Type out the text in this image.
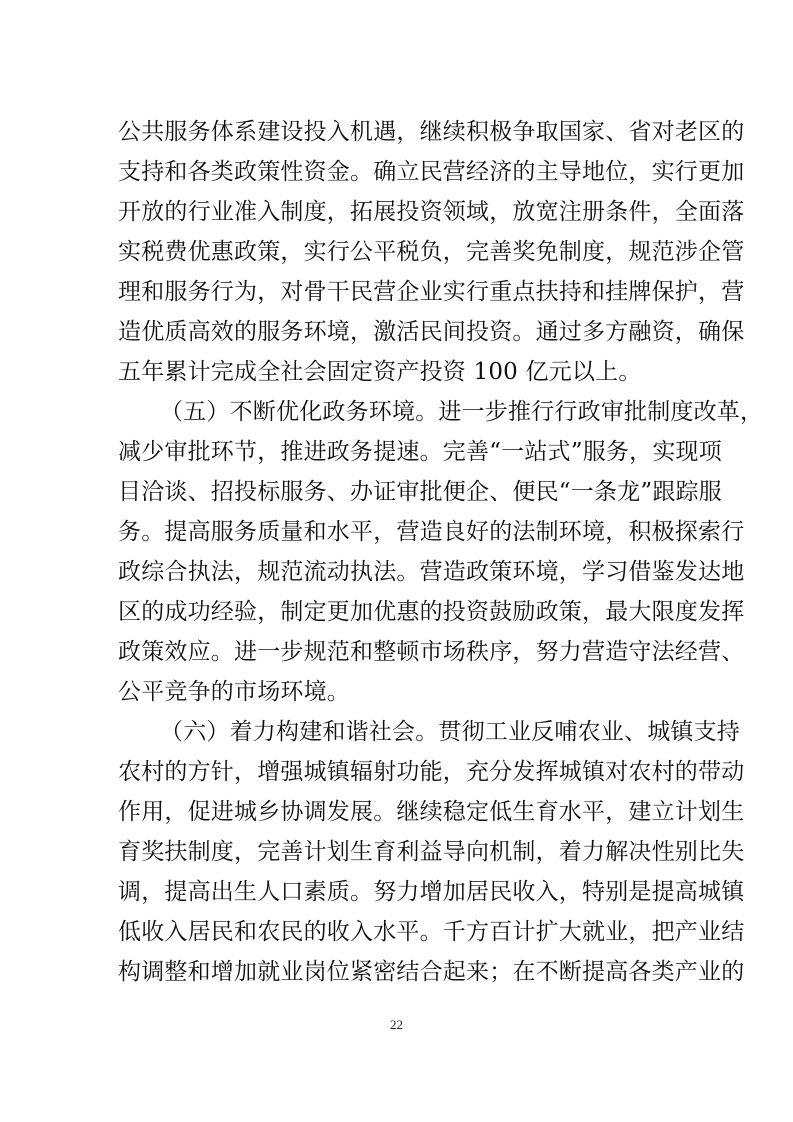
公共服务体系建设投入机遇，继续积极争取国家、省对老区的
支持和各类政策性资金。确立民营经济的主导地位，实行更加
开放的行业准入制度，拓展投资领域，放宽注册条件，全面落
实税费优惠政策，实行公平税负，完善奖免制度，规范涉企管
理和服务行为，对骨干民营企业实行重点扶持和挂牌保护，营
造优质高效的服务环境，激活民间投资。通过多方融资，确保
五年累计完成全社会固定资产投资 100 亿元以上。
（五）不断优化政务环境。进一步推行行政审批制度改革，
减少审批环节，推进政务提速。完善“一站式”服务，实现项
目洽谈、招投标服务、办证审批便企、便民“一条龙”跟踪服
务。提高服务质量和水平，营造良好的法制环境，积极探索行
政综合执法，规范流动执法。营造政策环境，学习借鉴发达地
区的成功经验，制定更加优惠的投资鼓励政策，最大限度发挥
政策效应。进一步规范和整顿市场秩序，努力营造守法经营、
公平竞争的市场环境。
（六）着力构建和谐社会。贯彻工业反哺农业、城镇支持
农村的方针，增强城镇辐射功能，充分发挥城镇对农村的带动
作用，促进城乡协调发展。继续稳定低生育水平，建立计划生
育奖扶制度，完善计划生育利益导向机制，着力解决性别比失
调，提高出生人口素质。努力增加居民收入，特别是提高城镇
低收入居民和农民的收入水平。千方百计扩大就业，把产业结
构调整和增加就业岗位紧密结合起来；在不断提高各类产业的
22
